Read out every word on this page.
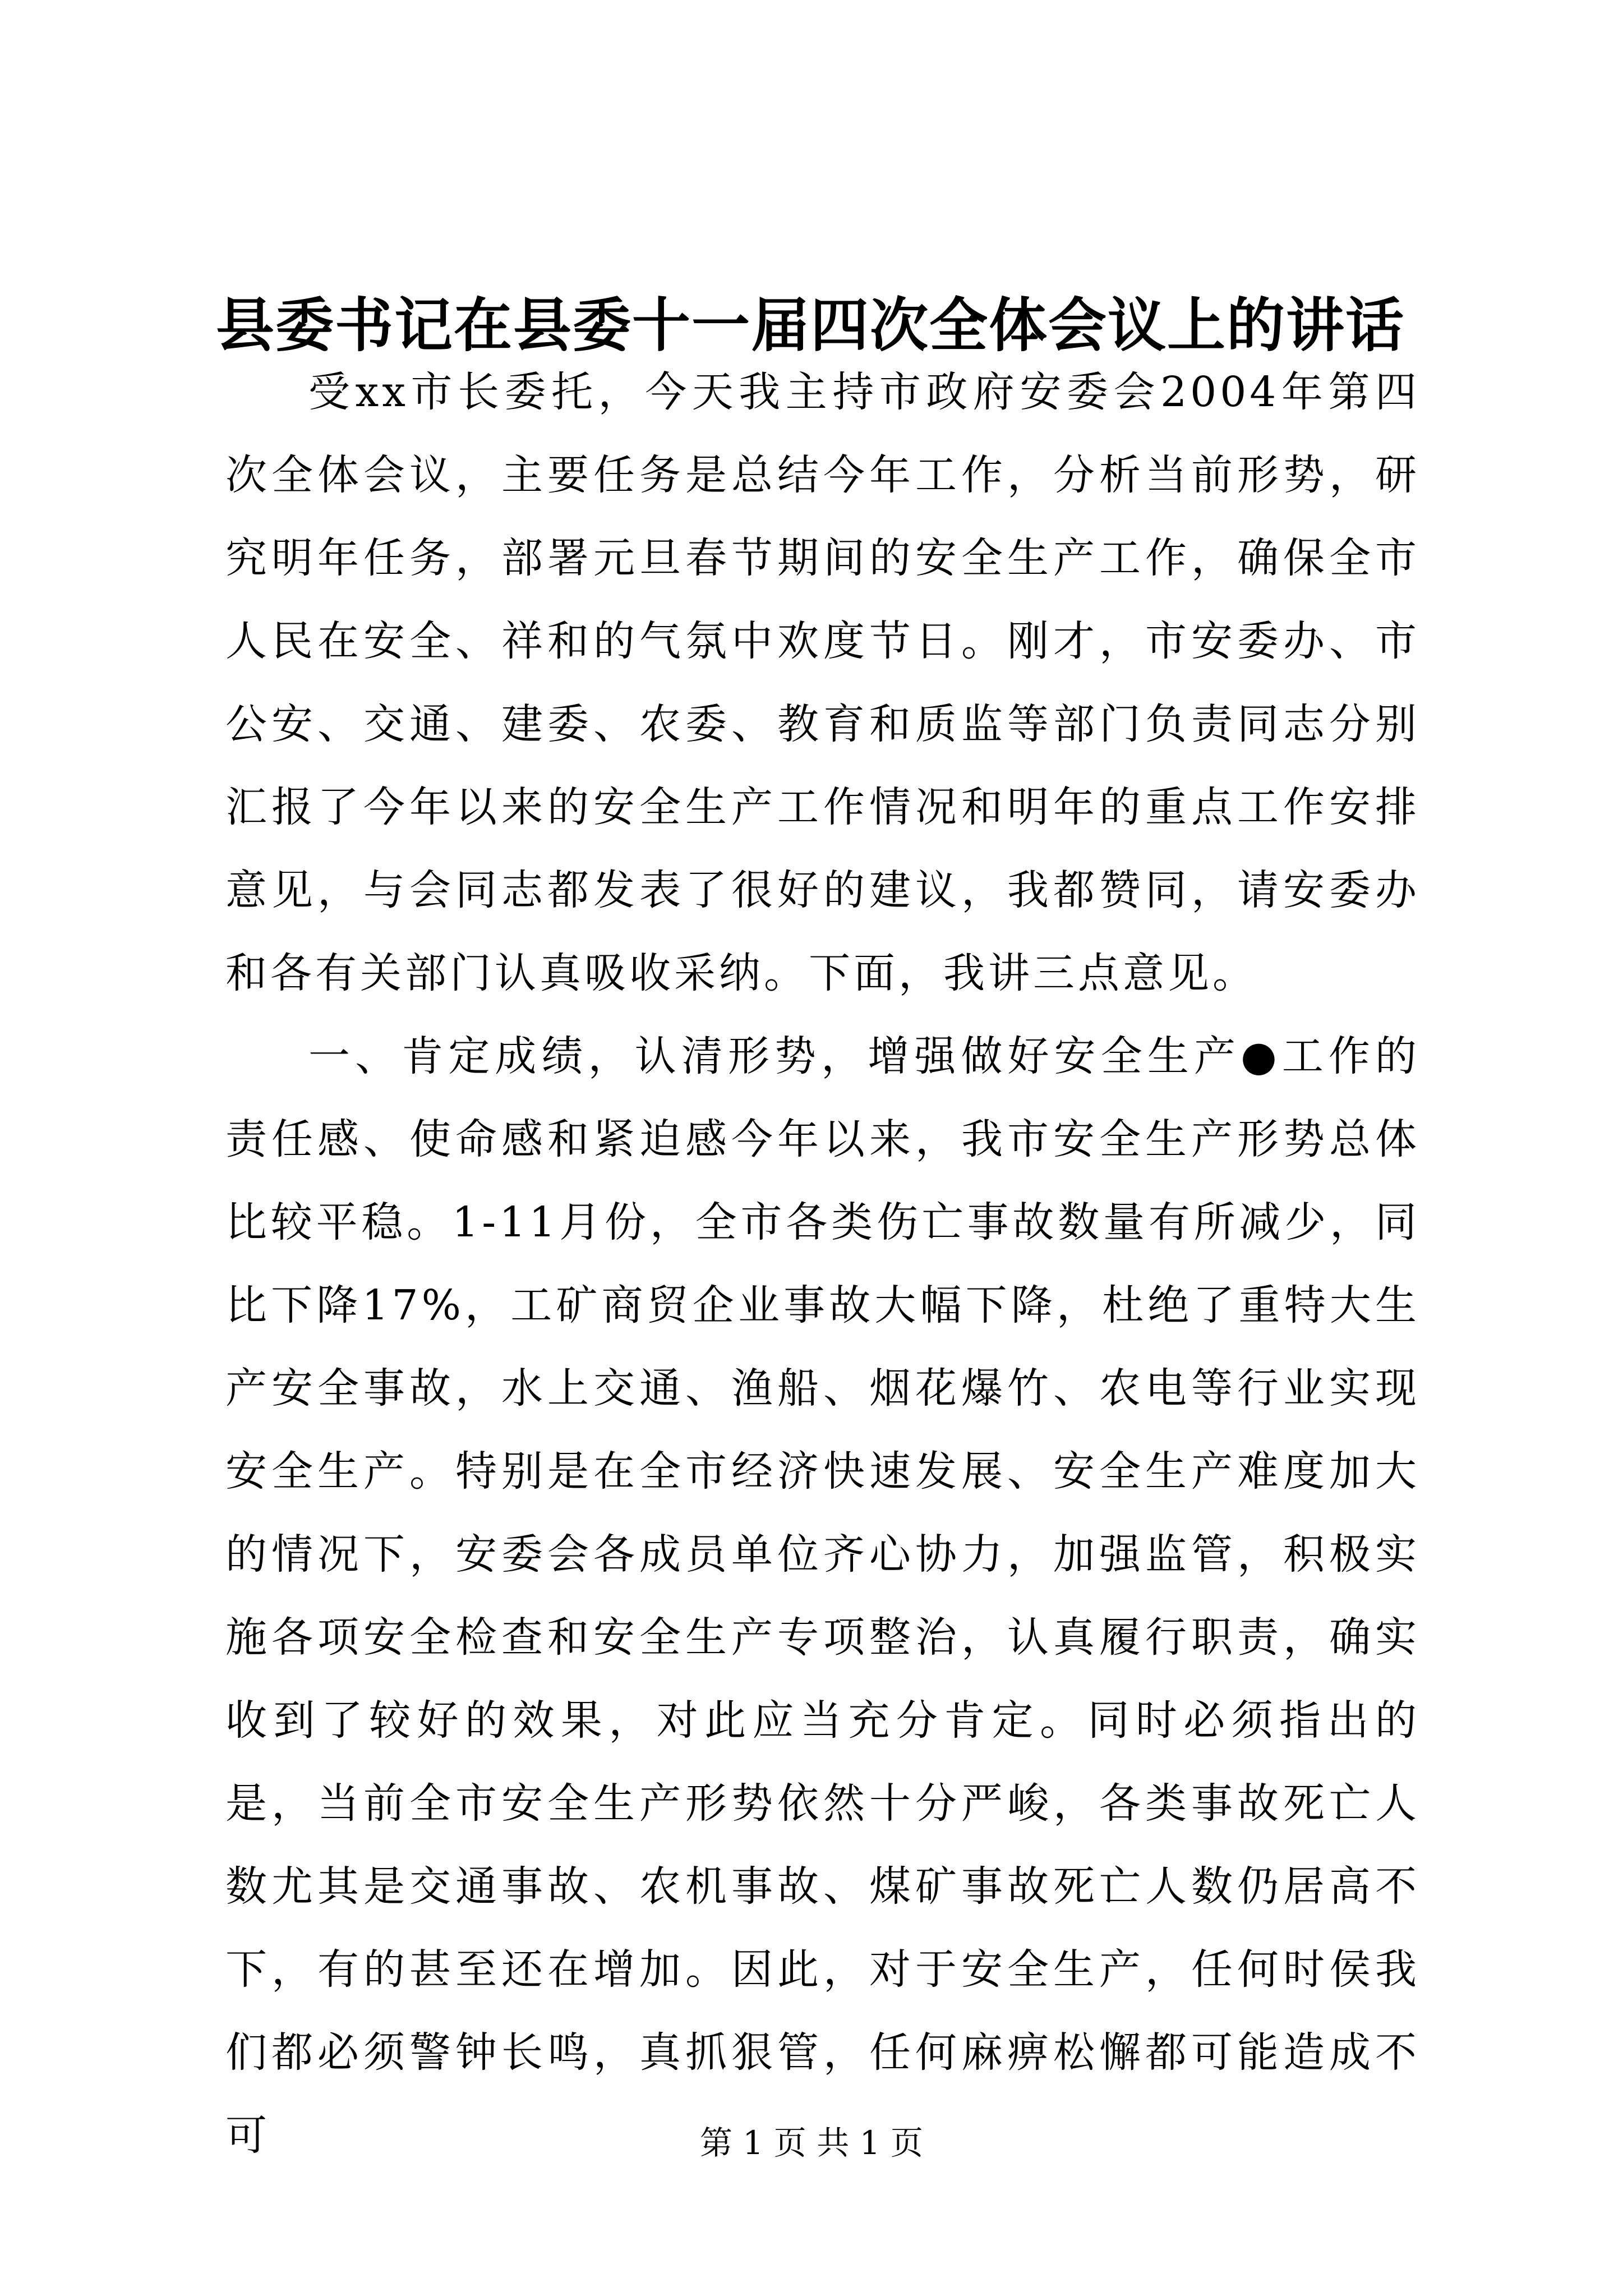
县委书记在县委十一届四次全体会议上的讲话

受xx市长委托，今天我主持市政府安委会2004年第四次全体会议，主要任务是总结今年工作，分析当前形势，研究明年任务，部署元旦春节期间的安全生产工作，确保全市人民在安全、祥和的气氛中欢度节日。刚才，市安委办、市公安、交通、建委、农委、教育和质监等部门负责同志分别汇报了今年以来的安全生产工作情况和明年的重点工作安排意见，与会同志都发表了很好的建议，我都赞同，请安委办和各有关部门认真吸收采纳。下面，我讲三点意见。

一、肯定成绩，认清形势，增强做好安全生产●工作的责任感、使命感和紧迫感今年以来，我市安全生产形势总体比较平稳。1-11月份，全市各类伤亡事故数量有所减少，同比下降17%，工矿商贸企业事故大幅下降，杜绝了重特大生产安全事故，水上交通、渔船、烟花爆竹、农电等行业实现安全生产。特别是在全市经济快速发展、安全生产难度加大的情况下，安委会各成员单位齐心协力，加强监管，积极实施各项安全检查和安全生产专项整治，认真履行职责，确实收到了较好的效果，对此应当充分肯定。同时必须指出的是，当前全市安全生产形势依然十分严峻，各类事故死亡人数尤其是交通事故、农机事故、煤矿事故死亡人数仍居高不下，有的甚至还在增加。因此，对于安全生产，任何时侯我们都必须警钟长鸣，真抓狠管，任何麻痹松懈都可能造成不可	第 1 页 共 1 页
